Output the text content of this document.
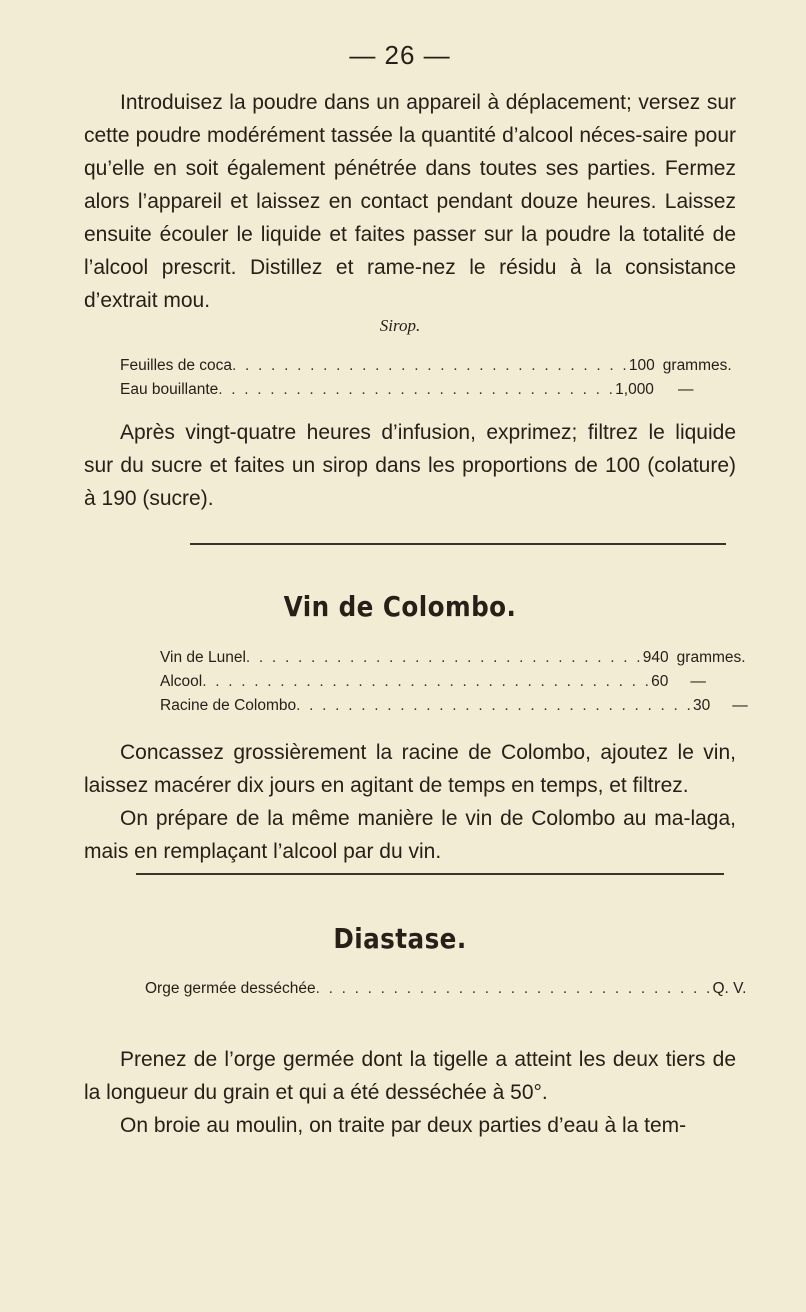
— 26 —

Introduisez la poudre dans un appareil à déplacement; versez sur cette poudre modérément tassée la quantité d’alcool néces-saire pour qu’elle en soit également pénétrée dans toutes ses parties. Fermez alors l’appareil et laissez en contact pendant douze heures. Laissez ensuite écouler le liquide et faites passer sur la poudre la totalité de l’alcool prescrit. Distillez et rame-nez le résidu à la consistance d’extrait mou.

Sirop.
Feuilles de coca . . . . . . . . . . . . . . . . . . . . . . . . . . . . . . . 100 grammes.
Eau bouillante . . . . . . . . . . . . . . . . . . . . . . . . . . . . . . . 1,000	—

Après vingt-quatre heures d’infusion, exprimez; filtrez le liquide sur du sucre et faites un sirop dans les proportions de 100 (colature) à 190 (sucre).

Vin de Colombo.
Vin de Lunel . . . . . . . . . . . . . . . . . . . . . . . . . . . . . . . 940 grammes.
Alcool . . . . . . . . . . . . . . . . . . . . . . . . . . . . . . . . . . . 60	—
Racine de Colombo . . . . . . . . . . . . . . . . . . . . . . . . . . . . . . . 30	—

Concassez grossièrement la racine de Colombo, ajoutez le vin, laissez macérer dix jours en agitant de temps en temps, et filtrez.

On prépare de la même manière le vin de Colombo au ma-laga, mais en remplaçant l’alcool par du vin.

Diastase.
Orge germée desséchée . . . . . . . . . . . . . . . . . . . . . . . . . . . . . . . Q. V.

Prenez de l’orge germée dont la tigelle a atteint les deux tiers de la longueur du grain et qui a été desséchée à 50°.

On broie au moulin, on traite par deux parties d’eau à la tem-
